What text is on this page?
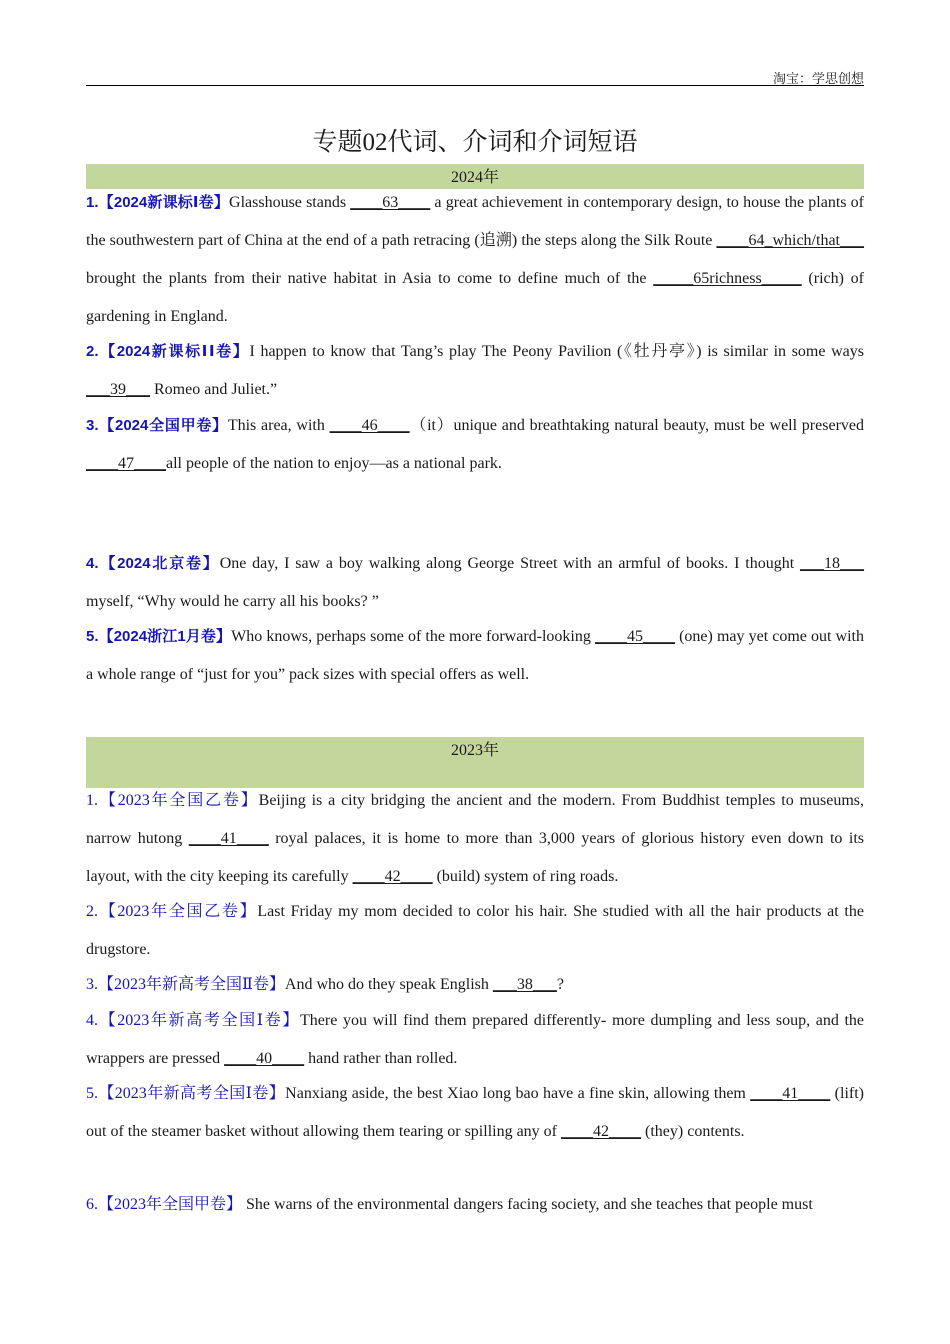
淘宝：学思创想
专题02代词、介词和介词短语
2024年

1.【2024新课标Ⅰ卷】Glasshouse stands ____63____ a great achievement in contemporary design, to house the plants of the southwestern part of China at the end of a path retracing (追溯) the steps along the Silk Route ____64_which/that___ brought the plants from their native habitat in Asia to come to define much of the _____65richness_____ (rich) of gardening in England.

2.【2024新课标ⅠⅠ卷】I happen to know that Tang’s play The Peony Pavilion (《牡丹亭》) is similar in some ways ___39___ Romeo and Juliet.”

3.【2024全国甲卷】This area, with ____46____（it）unique and breathtaking natural beauty, must be well preserved ____47____all people of the nation to enjoy—as a national park.

4.【2024北京卷】One day, I saw a boy walking along George Street with an armful of books. I thought ___18___ myself, “Why would he carry all his books? ”

5.【2024浙江1月卷】Who knows, perhaps some of the more forward-looking ____45____ (one) may yet come out with a whole range of “just for you” pack sizes with special offers as well.

2023年

1.【2023年全国乙卷】Beijing is a city bridging the ancient and the modern. From Buddhist temples to museums, narrow hutong ____41____ royal palaces, it is home to more than 3,000 years of glorious history even down to its layout, with the city keeping its carefully ____42____ (build) system of ring roads.

2.【2023年全国乙卷】Last Friday my mom decided to color his hair. She studied with all the hair products at the drugstore.

3.【2023年新高考全国Ⅱ卷】And who do they speak English ___38___?

4.【2023年新高考全国Ⅰ卷】There you will find them prepared differently- more dumpling and less soup, and the wrappers are pressed ____40____ hand rather than rolled.

5.【2023年新高考全国Ⅰ卷】Nanxiang aside, the best Xiao long bao have a fine skin, allowing them ____41____ (lift) out of the steamer basket without allowing them tearing or spilling any of ____42____ (they) contents.

6.【2023年全国甲卷】 She warns of the environmental dangers facing society, and she teaches that people must
